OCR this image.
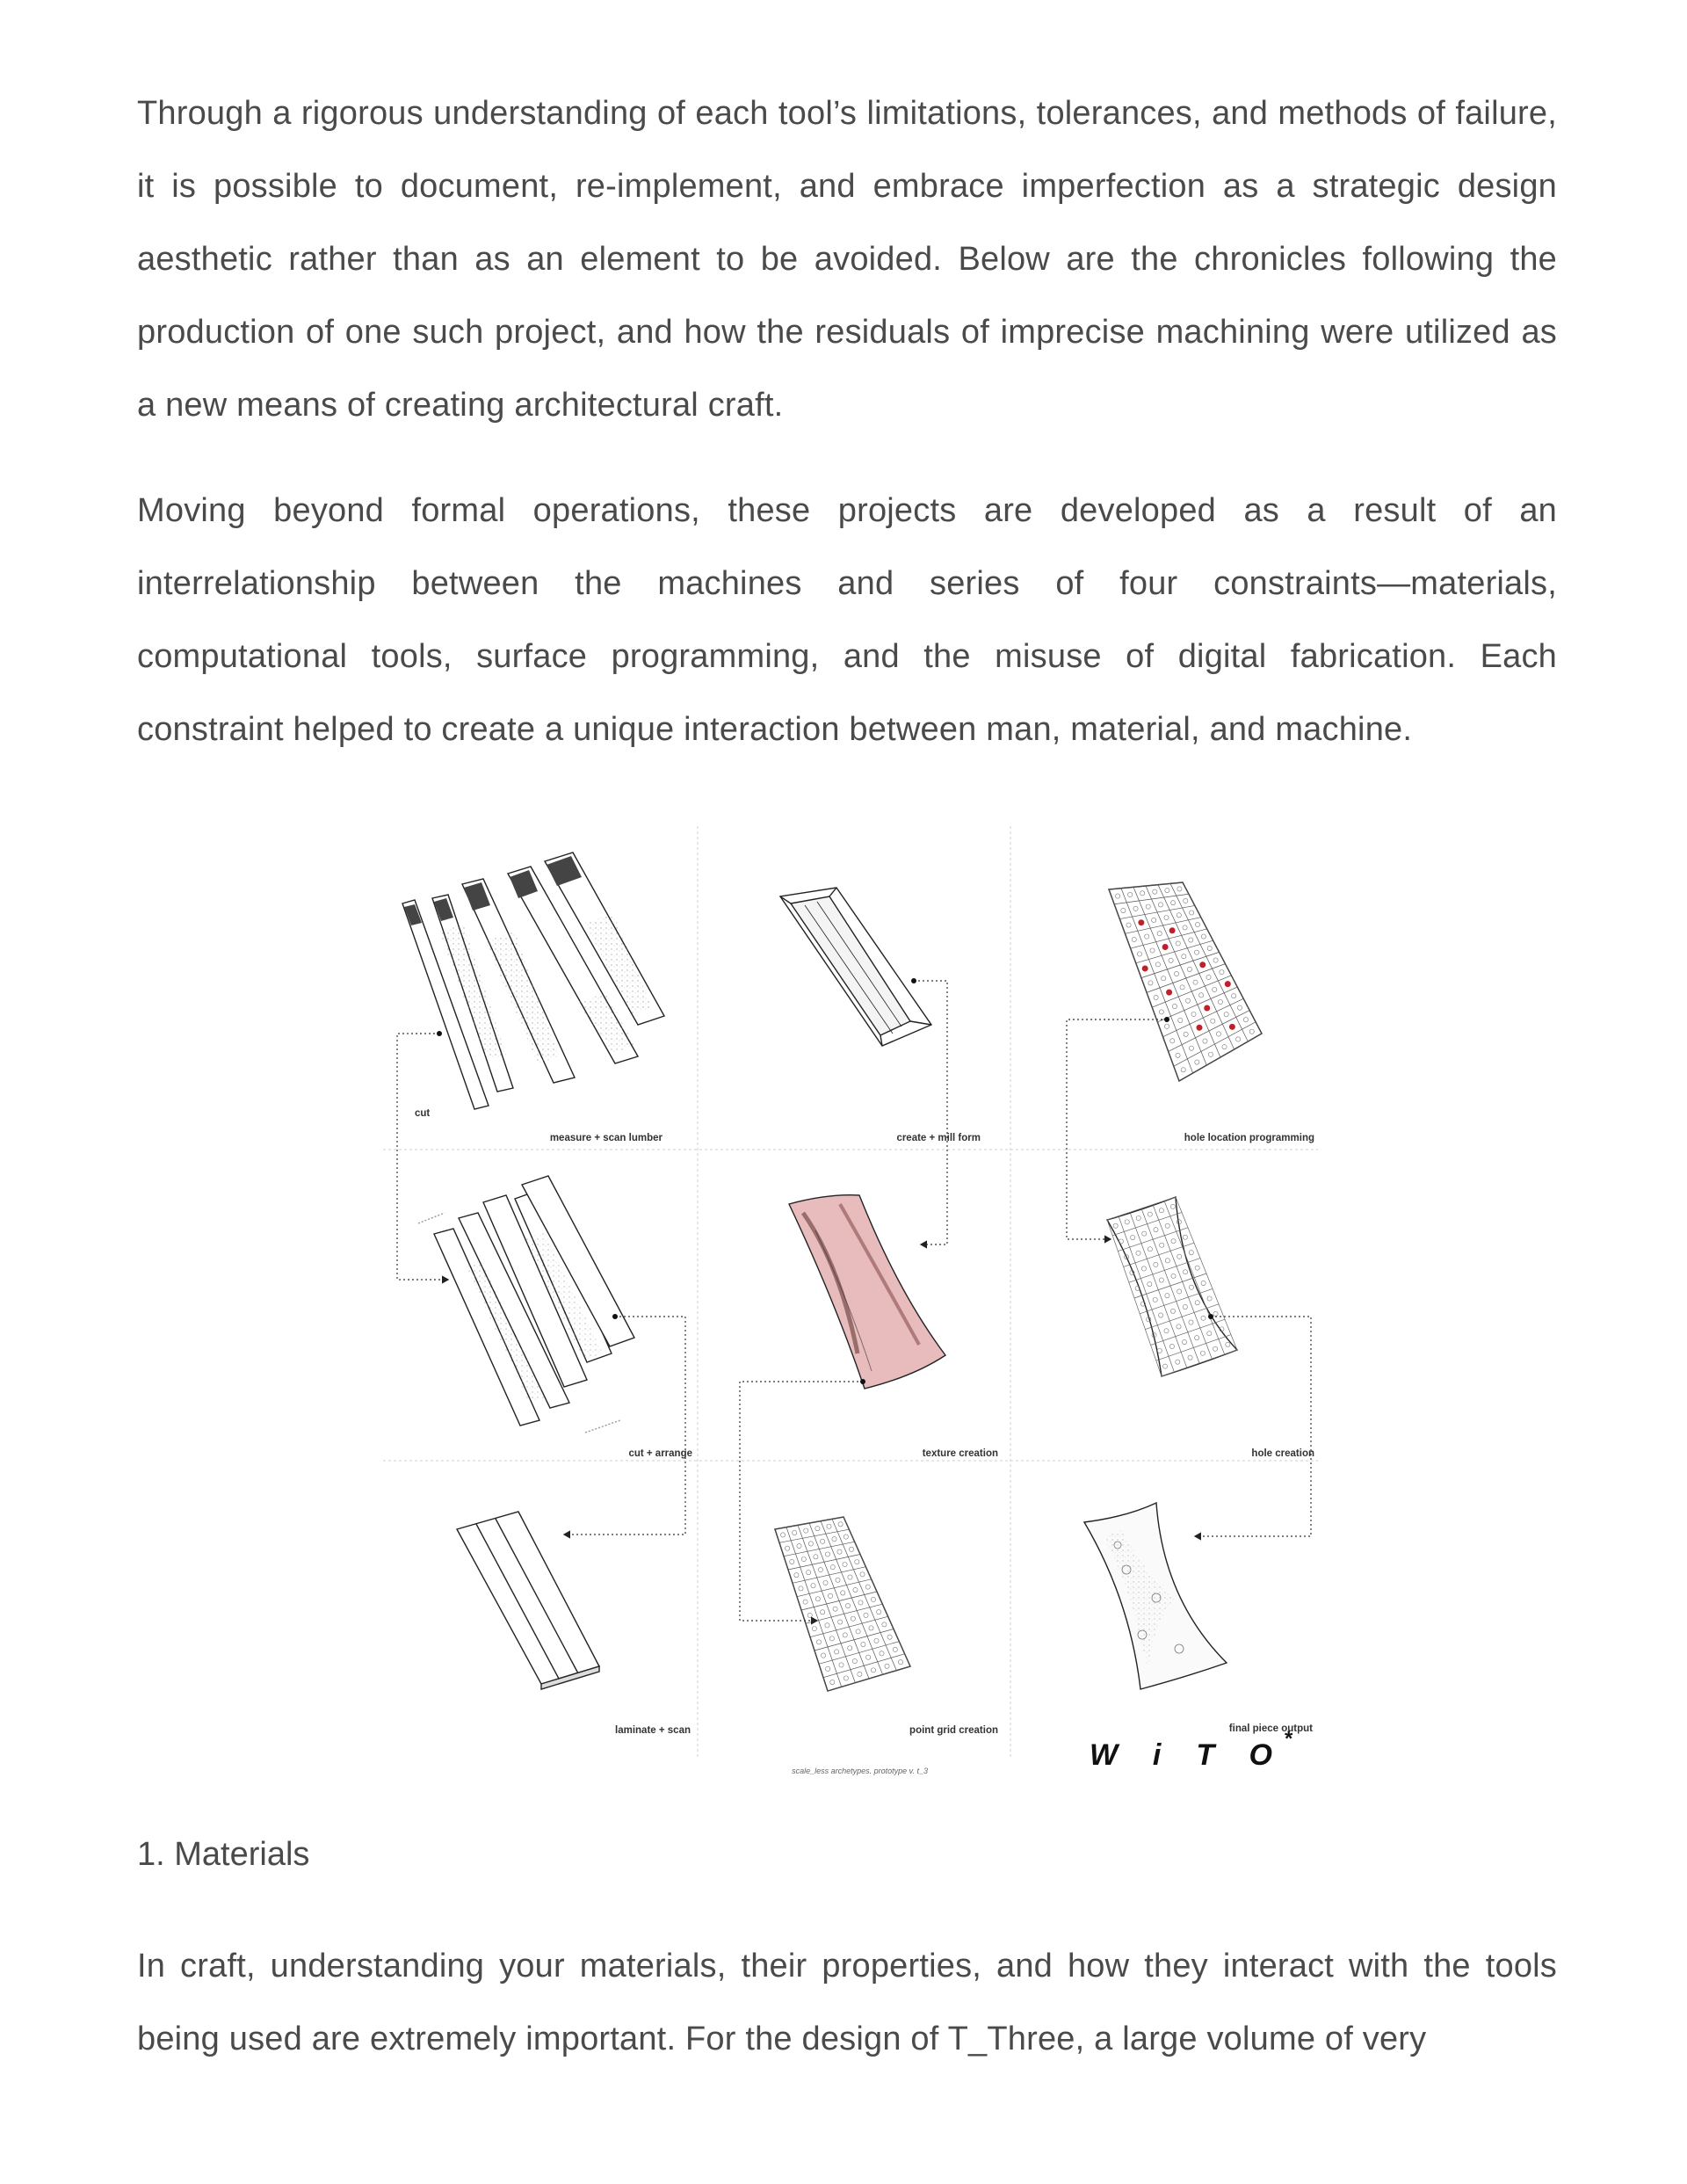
Through a rigorous understanding of each tool’s limitations, tolerances, and methods of failure, it is possible to document, re-implement, and embrace imperfection as a strategic design aesthetic rather than as an element to be avoided. Below are the chronicles following the production of one such project, and how the residuals of imprecise machining were utilized as a new means of creating architectural craft.

Moving beyond formal operations, these projects are developed as a result of an interrelationship between the machines and series of four constraints—materials, computational tools, surface programming, and the misuse of digital fabrication. Each constraint helped to create a unique interaction between man, material, and machine.

cut
measure + scan lumber	create + mill form	hole location programming
cut + arrange	texture creation	hole creation
laminate + scan	point grid creation	final piece output
scale_less archetypes. prototype v. t_3	WiTO *
1. Materials

In craft, understanding your materials, their properties, and how they interact with the tools being used are extremely important. For the design of T_Three, a large volume of very
